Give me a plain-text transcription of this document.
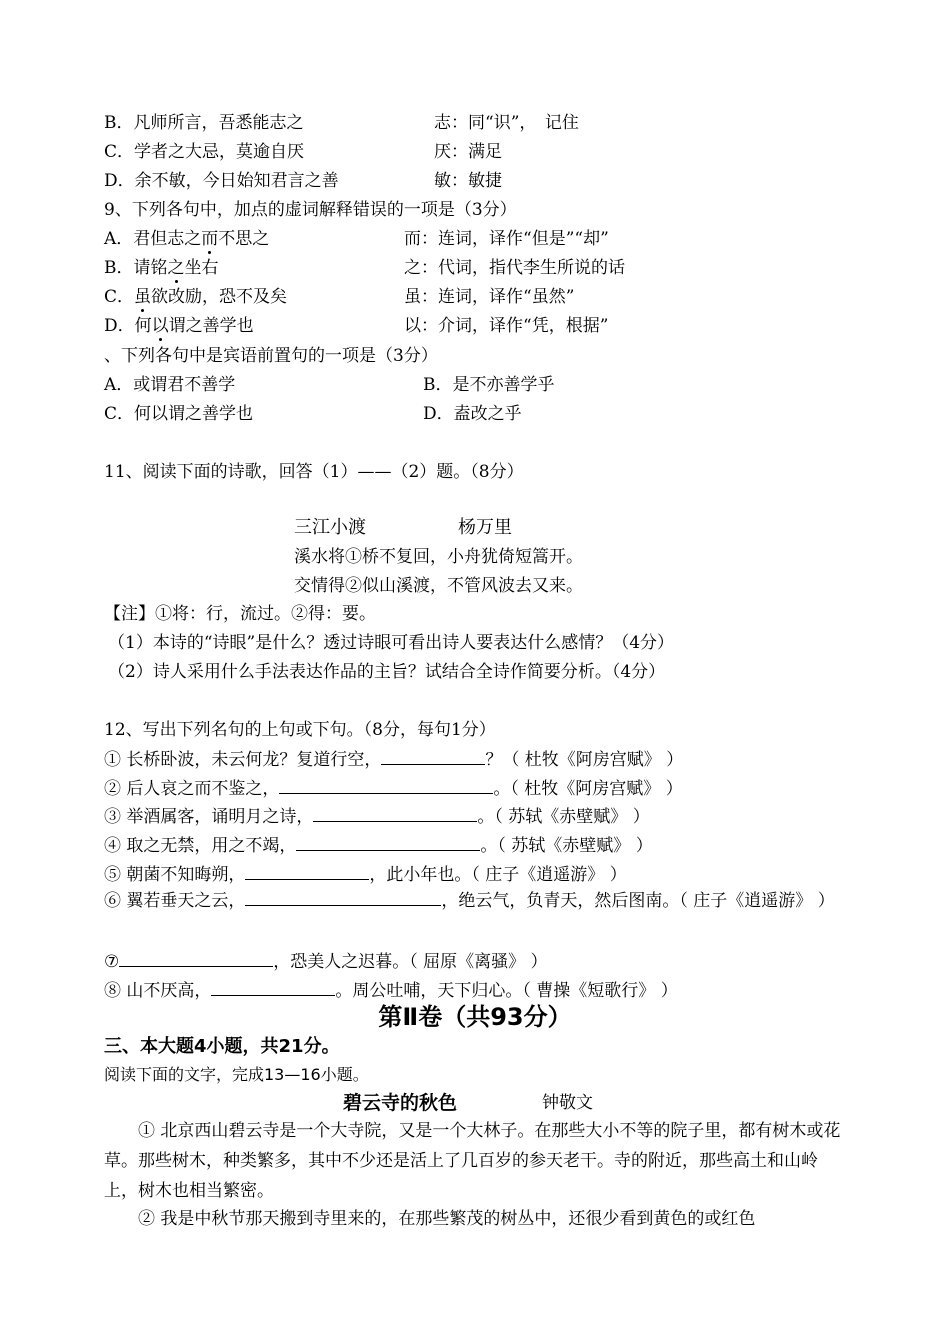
B．凡师所言，吾悉能志之	志：同“识”，　记住
C．学者之大忌，莫逾自厌	厌：满足
D．余不敏，今日始知君言之善	敏：敏捷
9、下列各句中，加点的虚词解释错误的一项是（3分）
A．君但志之而不思之	而：连词，译作“但是”“却”
B．请铭之坐右	之：代词，指代李生所说的话
C．虽欲改励，恐不及矣	虽：连词，译作“虽然”
D．何以谓之善学也	以：介词，译作“凭，根据”
、下列各句中是宾语前置句的一项是（3分）
A．或谓君不善学	B．是不亦善学乎
C．何以谓之善学也	D．盍改之乎
11、阅读下面的诗歌，回答（1）——（2）题。（8分）
三江小渡	杨万里
溪水将①桥不复回，小舟犹倚短篙开。
交情得②似山溪渡，不管风波去又来。
【注】①将：行，流过。②得：要。
（1）本诗的“诗眼”是什么？透过诗眼可看出诗人要表达什么感情？（4分）
（2）诗人采用什么手法表达作品的主旨？试结合全诗作简要分析。（4分）
12、写出下列名句的上句或下句。（8分，每句1分）
① 长桥卧波，未云何龙？复道行空，	？（ 杜牧《阿房宫赋》 ）
② 后人哀之而不鉴之，	。（ 杜牧《阿房宫赋》 ）
③ 举酒属客，诵明月之诗，	。（ 苏轼《赤壁赋》 ）
④ 取之无禁，用之不竭，	。（ 苏轼《赤壁赋》 ）
⑤ 朝菌不知晦朔，	，此小年也。（ 庄子《逍遥游》 ）
⑥ 翼若垂天之云，	，绝云气，负青天，然后图南。（ 庄子《逍遥游》 ）
⑦	，恐美人之迟暮。（ 屈原《离骚》 ）
⑧ 山不厌高，	。周公吐哺，天下归心。（ 曹操《短歌行》 ）
第Ⅱ卷（共93分）
三、本大题4小题，共21分。
阅读下面的文字，完成13—16小题。
碧云寺的秋色	钟敬文
① 北京西山碧云寺是一个大寺院，又是一个大林子。在那些大小不等的院子里，都有树木或花草。那些树木，种类繁多，其中不少还是活上了几百岁的参天老干。寺的附近，那些高土和山岭上，树木也相当繁密。
② 我是中秋节那天搬到寺里来的，在那些繁茂的树丛中，还很少看到黄色的或红色
